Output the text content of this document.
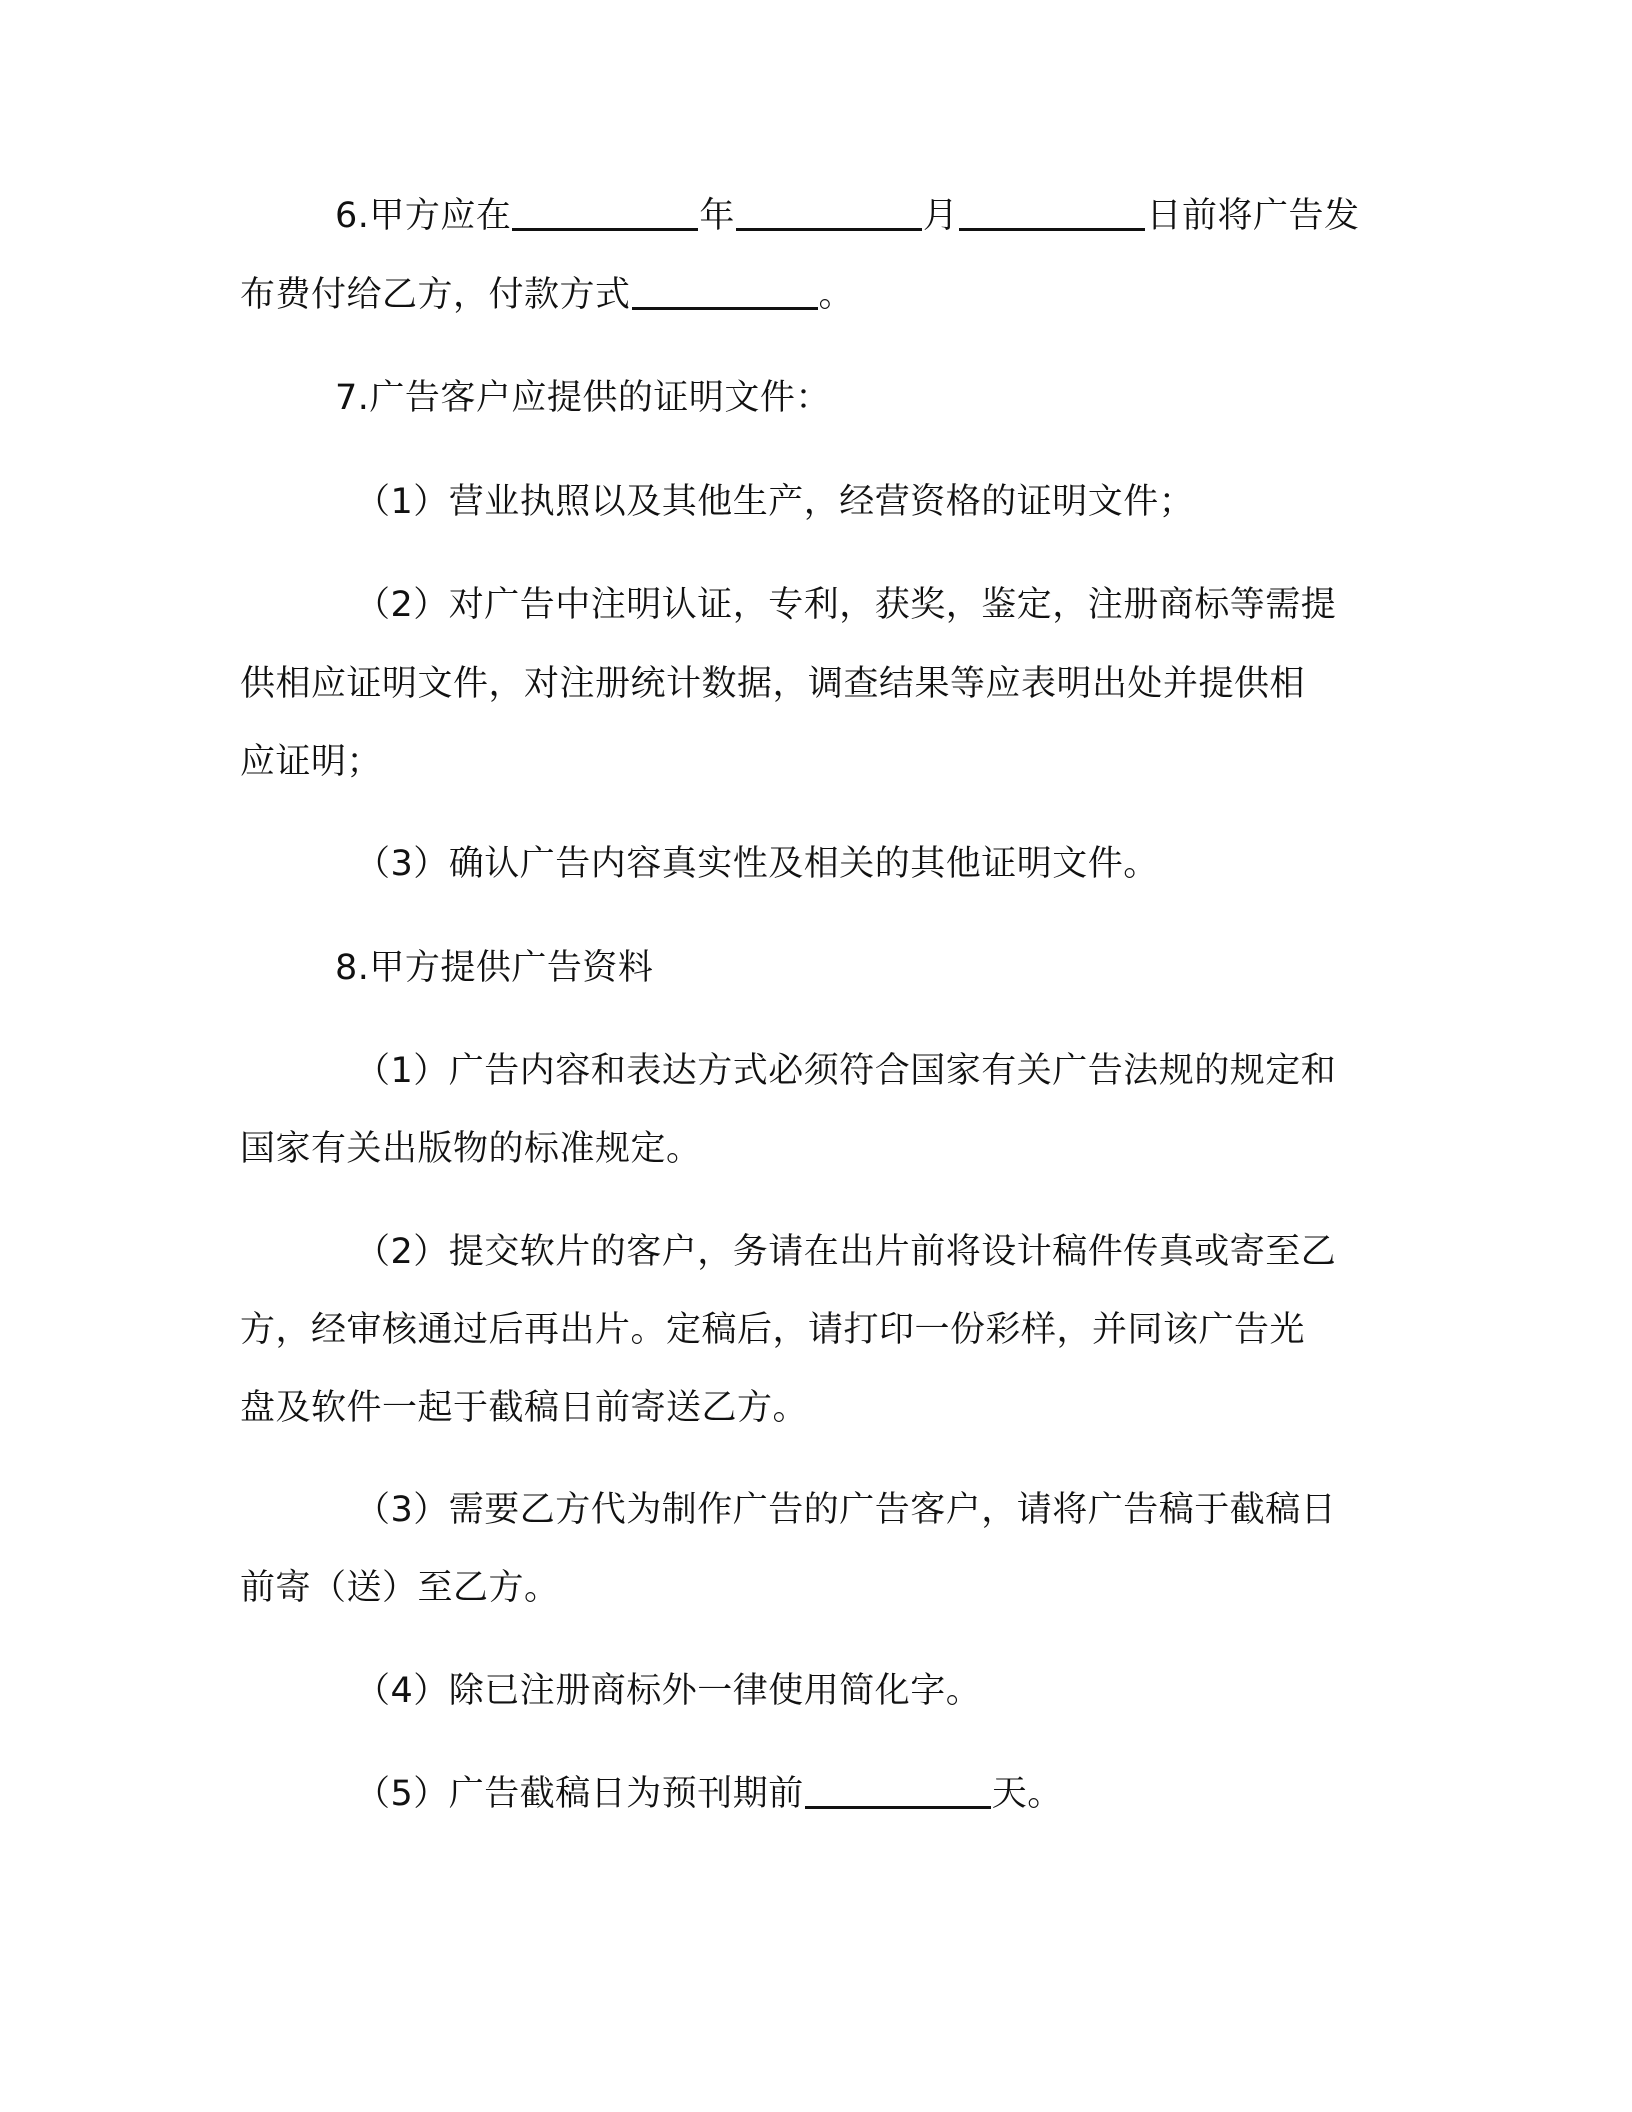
6.甲方应在	年	月	日前将广告发
布费付给乙方，付款方式	。
7.广告客户应提供的证明文件：
（1）营业执照以及其他生产，经营资格的证明文件；
（2）对广告中注明认证，专利，获奖，鉴定，注册商标等需提
供相应证明文件，对注册统计数据，调查结果等应表明出处并提供相
应证明；
（3）确认广告内容真实性及相关的其他证明文件。
8.甲方提供广告资料
（1）广告内容和表达方式必须符合国家有关广告法规的规定和
国家有关出版物的标准规定。
（2）提交软片的客户，务请在出片前将设计稿件传真或寄至乙
方，经审核通过后再出片。定稿后，请打印一份彩样，并同该广告光
盘及软件一起于截稿日前寄送乙方。
（3）需要乙方代为制作广告的广告客户，请将广告稿于截稿日
前寄（送）至乙方。
（4）除已注册商标外一律使用简化字。
（5）广告截稿日为预刊期前	天。
